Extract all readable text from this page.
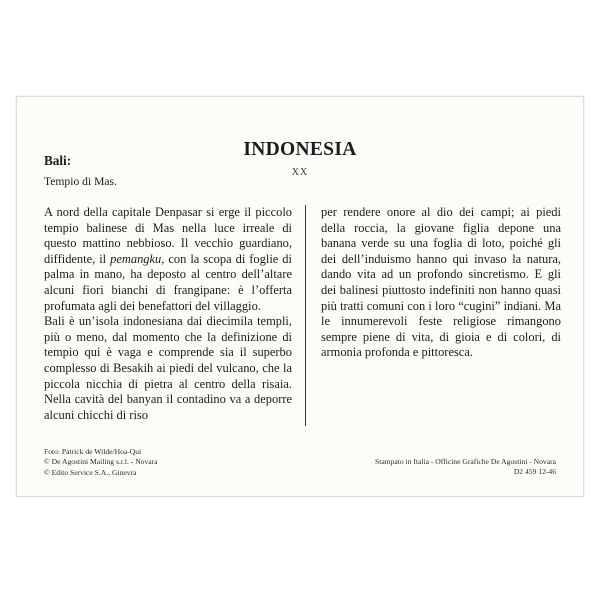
INDONESIA
XX
Bali:
Tempio di Mas.

A nord della capitale Denpasar si erge il piccolo tempio balinese di Mas nella luce irreale di questo mattino nebbioso. Il vecchio guardiano, diffidente, il pemangku, con la scopa di foglie di palma in mano, ha deposto al centro dell’altare alcuni fiori bianchi di frangipane: è l’offerta profumata agli dei benefattori del villaggio.

Bali è un’isola indonesiana dai diecimila templi, più o meno, dal momento che la definizione di tempio qui è vaga e comprende sia il superbo complesso di Besakih ai piedi del vulcano, che la piccola nicchia di pietra al centro della risaia. Nella cavità del banyan il contadino va a deporre alcuni chicchi di riso

per rendere onore al dio dei campi; ai piedi della roccia, la giovane figlia depone una banana verde su una foglia di loto, poiché gli dei dell’induismo hanno qui invaso la natura, dando vita ad un profondo sincretismo. E gli dei balinesi piuttosto indefiniti non hanno quasi più tratti comuni con i loro “cugini” indiani. Ma le innumerevoli feste religiose rimangono sempre piene di vita, di gioia e di colori, di armonia profonda e pittoresca.

Foto: Patrick de Wilde/Hoa-Qui
© De Agostini Mailing s.r.l. - Novara
© Edito Service S.A., Ginevra
Stampato in Italia - Officine Grafiche De Agostini - Novara
D2 459 12-46
